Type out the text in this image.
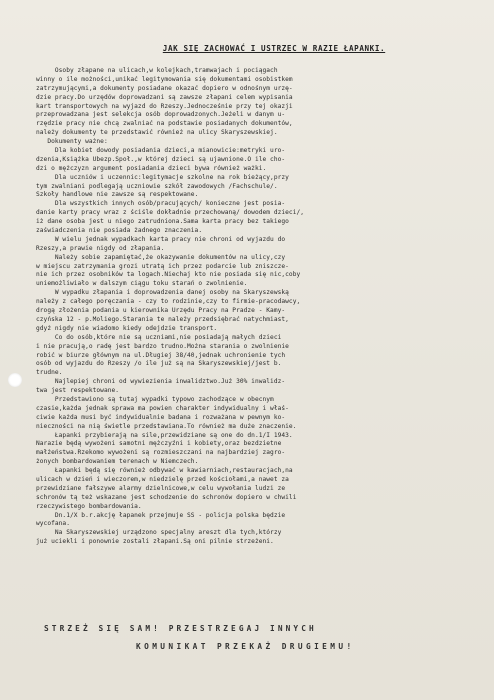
JAK SIĘ ZACHOWAĆ I USTRZEC W RAZIE ŁAPANKI.
Osoby złapane na ulicach,w kolejkach,tramwajach i pociągach
winny o ile możności,unikać legitymowania się dokumentami osobistkem
zatrzymującymi,a dokumenty posiadane okazać dopiero w odnośnym urzę-
dzie pracy.Do urzędów doprowadzani są zawsze złapani celem wypisania
kart transportowych na wyjazd do Rzeszy.Jednocześnie przy tej okazji
przeprowadzana jest selekcja osób doprowadzonych.Jeżeli w danym u-
rzędzie pracy nie chcą zwalniać na podstawie posiadanych dokumentów,
należy dokumenty te przedstawić również na ulicy Skaryszewskiej.
Dokumenty ważne:
Dla kobiet dowody posiadania dzieci,a mianowicie:metryki uro-
dzenia,Książka Ubezp.Społ.,w której dzieci są ujawnione.O ile cho-
dzi o mężczyzn argument posiadania dzieci bywa również ważki.
Dla uczniów i uczennic:legitymacje szkolne na rok bieżący,przy
tym zwalniani podlegają uczniowie szkół zawodowych /Fachschule/.
Szkoły handlowe nie zawsze są respektowane.
Dla wszystkich innych osób/pracujących/ konieczne jest posia-
danie karty pracy wraz z ściśle dokładnie przechowaną/ dowodem dzieci/,
iż dane osoba jest u niego zatrudniona.Sama karta pracy bez takiego
zaświadczenia nie posiada żadnego znaczenia.
W wielu jednak wypadkach karta pracy nie chroni od wyjazdu do
Rzeszy,a prawie nigdy od złapania.
Należy sobie zapamiętać,że okazywanie dokumentów na ulicy,czy
w miejscu zatrzymania grozi utratą ich przez podarcie lub zniszcze-
nie ich przez osobników ta logach.Niechaj kto nie posiada się nic,coby
uniemożliwiało w dalszym ciągu toku starań o zwolnienie.
W wypadku złapania i doprowadzenia danej osoby na Skaryszewską
należy z całego poręczania - czy to rodzinie,czy to firmie-pracodawcy,
drogą złożenia podania u kierownika Urzędu Pracy na Pradze - Kamy-
czyńska 12 - p.Moliego.Starania te należy przedsiębrać natychmiast,
gdyż nigdy nie wiadomo kiedy odejdzie transport.
Co do osób,które nie są uczniami,nie posiadają małych dzieci
i nie pracują,o radę jest bardzo trudno.Można starania o zwolnienie
robić w biurze głównym na ul.Długiej 38/40,jednak uchronienie tych
osób od wyjazdu do Rzeszy /o ile już są na Skaryszewskiej/jest b.
trudne.
Najlepiej chroni od wywiezienia inwalidztwo.Już 30% inwalidz-
twa jest respektowane.
Przedstawiono są tutaj wypadki typowo zachodzące w obecnym
czasie,każda jednak sprawa ma powien charakter indywidualny i właś-
ciwie każda musi być indywidualnie badana i rozważana w pewnym ko-
nieczności na nią świetle przedstawiana.To również ma duże znaczenie.
Łapanki przybierają na sile,przewidziane są one do dn.1/I 1943.
Narazie będą wywożeni samotni mężczyźni i kobiety,oraz bezdzietne
małżeństwa.Rzekomo wywożeni są rozmieszczani na najbardziej zagro-
żonych bombardowaniem terenach w Niemczech.
Łapanki będą się również odbywać w kawiarniach,restauracjach,na
ulicach w dzień i wieczorem,w niedzielę przed kościołami,a nawet za
przewidziane fałszywe alarmy dzielnicowe,w celu wywołania ludzi ze
schronów tą też wskazane jest schodzenie do schronów dopiero w chwili
rzeczywistego bombardowania.
Dn.1/X b.r.akcję łapanek przejmuje SS - policja polska będzie
wycofana.
Na Skaryszewskiej urządzono specjalny areszt dla tych,którzy
już uciekli i ponownie zostali złapani.Są oni pilnie strzeżeni.
STRZEŻ SIĘ SAM! PRZESTRZEGAJ INNYCH
KOMUNIKAT PRZEKAŻ DRUGIEMU!
